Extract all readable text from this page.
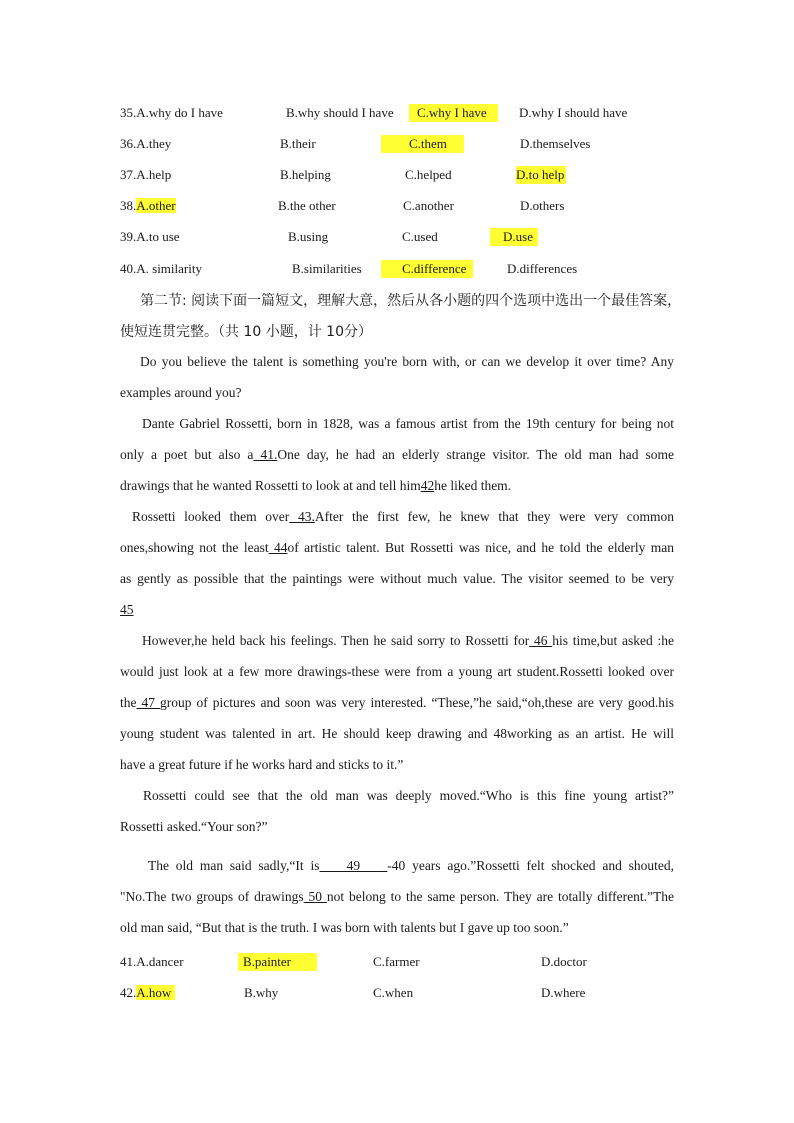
35.A.why do I have	B.why should I have	C.why I have	D.why I should have
36.A.they	B.their	C.them	D.themselves
37.A.help	B.helping	C.helped	D.to help
38.A.other	B.the other	C.another	D.others
39.A.to use	B.using	C.used	D.use
40.A. similarity	B.similarities	C.difference	D.differences
第二节: 阅读下面一篇短文，理解大意，然后从各小题的四个选项中选出一个最佳答案，
使短连贯完整。（共 10 小题，计 10分）

Do you believe the talent is something you're born with, or can we develop it over time? Any

examples around you?

Dante Gabriel Rossetti, born in 1828, was a famous artist from the 19th century for being not

only a poet but also a 41.One day, he had an elderly strange visitor. The old man had some

drawings that he wanted Rossetti to look at and tell him42he liked them.

Rossetti looked them over 43.After the first few, he knew that they were very common

ones,showing not the least 44of artistic talent. But Rossetti was nice, and he told the elderly man

as gently as possible that the paintings were without much value. The visitor seemed to be very

45

However,he held back his feelings. Then he said sorry to Rossetti for 46 his time,but asked :he

would just look at a few more drawings-these were from a young art student.Rossetti looked over

the 47 group of pictures and soon was very interested. “These,”he said,“oh,these are very good.his

young student was talented in art. He should keep drawing and 48working as an artist. He will

have a great future if he works hard and sticks to it.”

Rossetti could see that the old man was deeply moved.“Who is this fine young artist?”

Rossetti asked.“Your son?”

The old man said sadly,“It is    49   _-40 years ago.”Rossetti felt shocked and shouted,

"No.The two groups of drawings 50 not belong to the same person. They are totally different.”The

old man said, “But that is the truth. I was born with talents but I gave up too soon.”

41.A.dancer	B.painter	C.farmer	D.doctor
42.A.how	B.why	C.when	D.where
